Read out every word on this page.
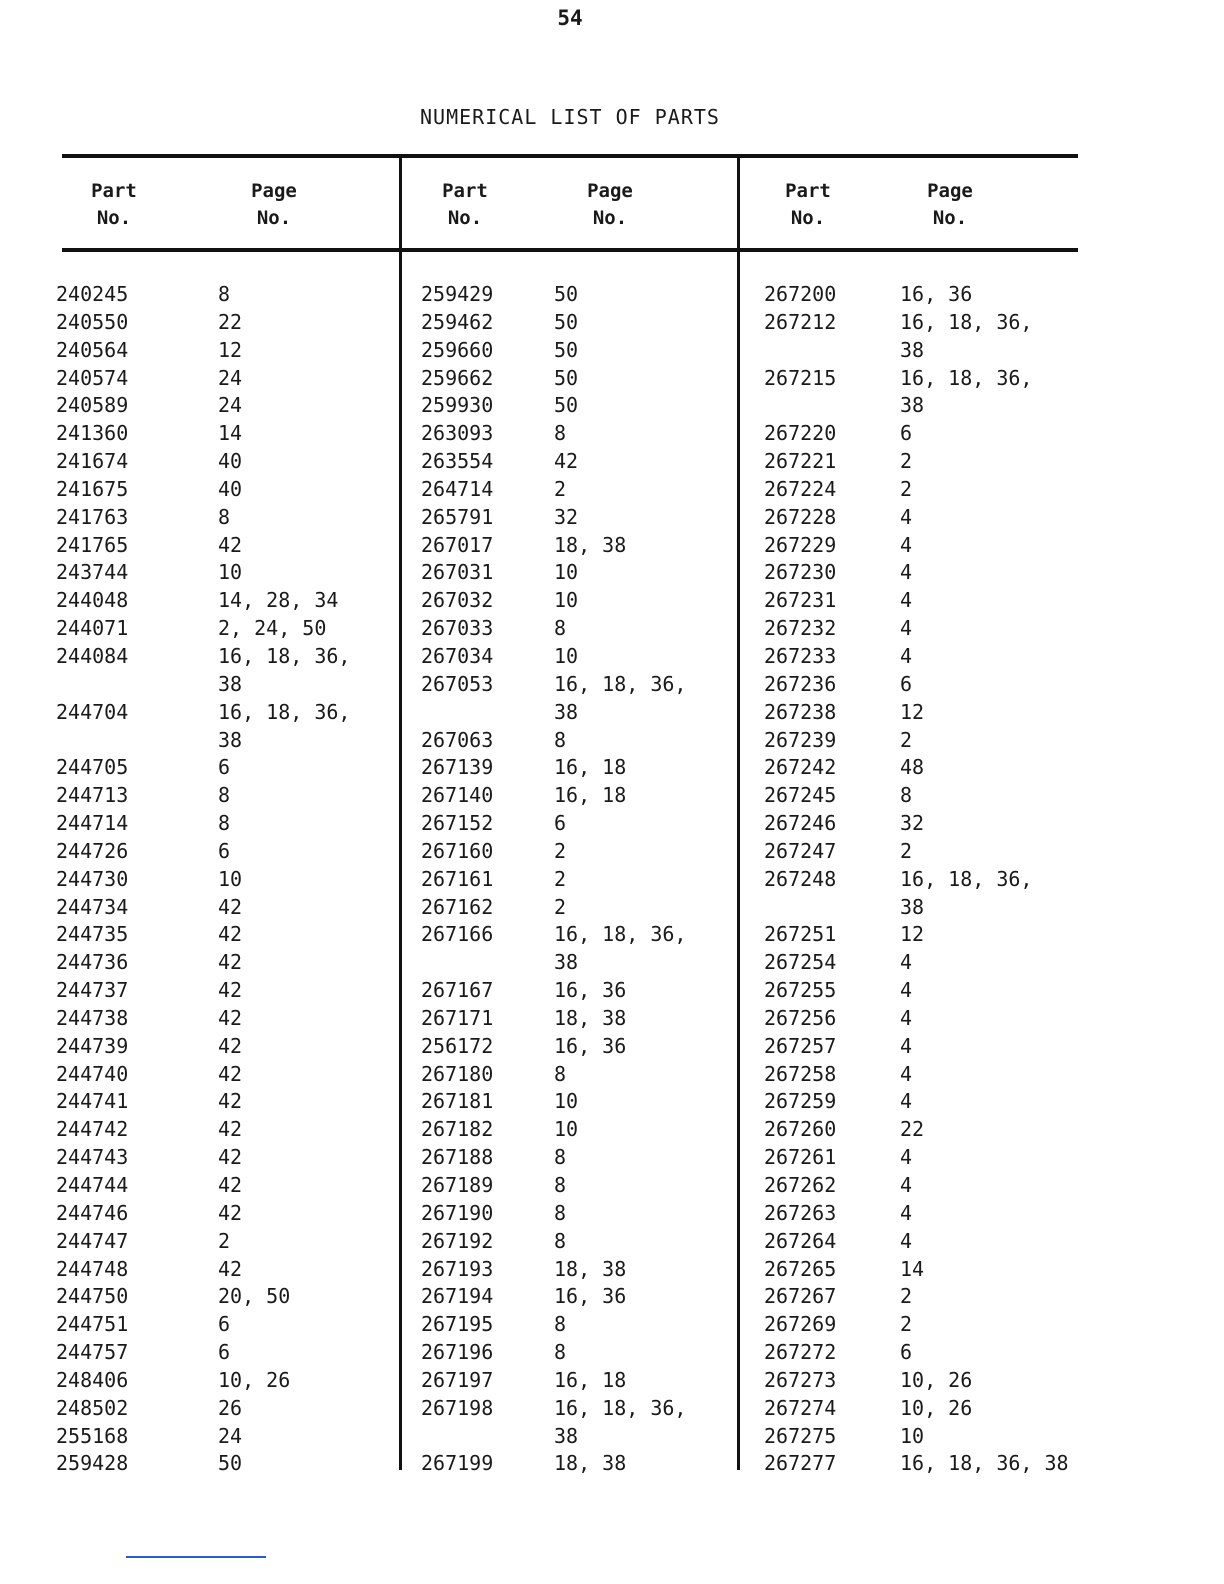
54
NUMERICAL LIST OF PARTS
Part
No.
Page
No.
Part
No.
Page
No.
Part
No.
Page
No.
240245	8
240550	22
240564	12
240574	24
240589	24
241360	14
241674	40
241675	40
241763	8
241765	42
243744	10
244048	14, 28, 34
244071	2, 24, 50
244084	16, 18, 36,
38
244704	16, 18, 36,
38
244705	6
244713	8
244714	8
244726	6
244730	10
244734	42
244735	42
244736	42
244737	42
244738	42
244739	42
244740	42
244741	42
244742	42
244743	42
244744	42
244746	42
244747	2
244748	42
244750	20, 50
244751	6
244757	6
248406	10, 26
248502	26
255168	24
259428	50
259429	50
259462	50
259660	50
259662	50
259930	50
263093	8
263554	42
264714	2
265791	32
267017	18, 38
267031	10
267032	10
267033	8
267034	10
267053	16, 18, 36,
38
267063	8
267139	16, 18
267140	16, 18
267152	6
267160	2
267161	2
267162	2
267166	16, 18, 36,
38
267167	16, 36
267171	18, 38
256172	16, 36
267180	8
267181	10
267182	10
267188	8
267189	8
267190	8
267192	8
267193	18, 38
267194	16, 36
267195	8
267196	8
267197	16, 18
267198	16, 18, 36,
38
267199	18, 38
267200	16, 36
267212	16, 18, 36,
38
267215	16, 18, 36,
38
267220	6
267221	2
267224	2
267228	4
267229	4
267230	4
267231	4
267232	4
267233	4
267236	6
267238	12
267239	2
267242	48
267245	8
267246	32
267247	2
267248	16, 18, 36,
38
267251	12
267254	4
267255	4
267256	4
267257	4
267258	4
267259	4
267260	22
267261	4
267262	4
267263	4
267264	4
267265	14
267267	2
267269	2
267272	6
267273	10, 26
267274	10, 26
267275	10
267277	16, 18, 36, 38
